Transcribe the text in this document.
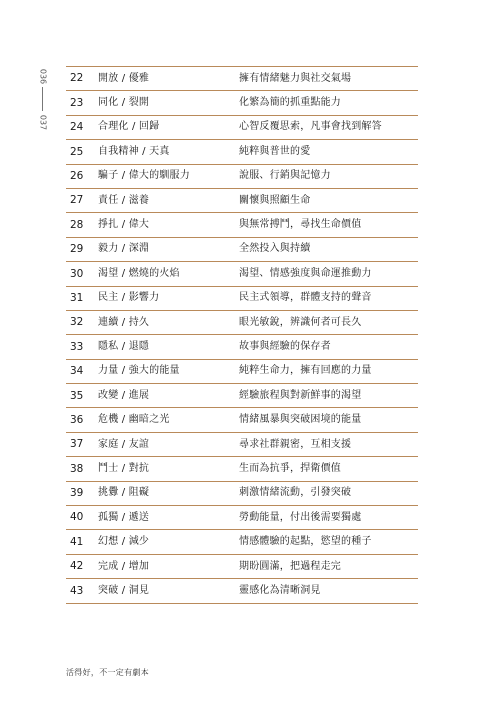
036
037
22	開放 / 優雅	擁有情緒魅力與社交氣場
23	同化 / 裂開	化繁為簡的抓重點能力
24	合理化 / 回歸	心智反覆思索，凡事會找到解答
25	自我精神 / 天真	純粹與普世的愛
26	騙子 / 偉大的馴服力	說服、行銷與記憶力
27	責任 / 滋養	關懷與照顧生命
28	掙扎 / 偉大	與無常搏鬥，尋找生命價值
29	毅力 / 深淵	全然投入與持續
30	渴望 / 燃燒的火焰	渴望、情感強度與命運推動力
31	民主 / 影響力	民主式領導，群體支持的聲音
32	連續 / 持久	眼光敏銳，辨識何者可長久
33	隱私 / 退隱	故事與經驗的保存者
34	力量 / 強大的能量	純粹生命力，擁有回應的力量
35	改變 / 進展	經驗旅程與對新鮮事的渴望
36	危機 / 幽暗之光	情緒風暴與突破困境的能量
37	家庭 / 友誼	尋求社群親密，互相支援
38	鬥士 / 對抗	生而為抗爭，捍衛價值
39	挑釁 / 阻礙	刺激情緒流動，引發突破
40	孤獨 / 遞送	勞動能量，付出後需要獨處
41	幻想 / 減少	情感體驗的起點，慾望的種子
42	完成 / 增加	期盼圓滿，把過程走完
43	突破 / 洞見	靈感化為清晰洞見
活得好，不一定有劇本
